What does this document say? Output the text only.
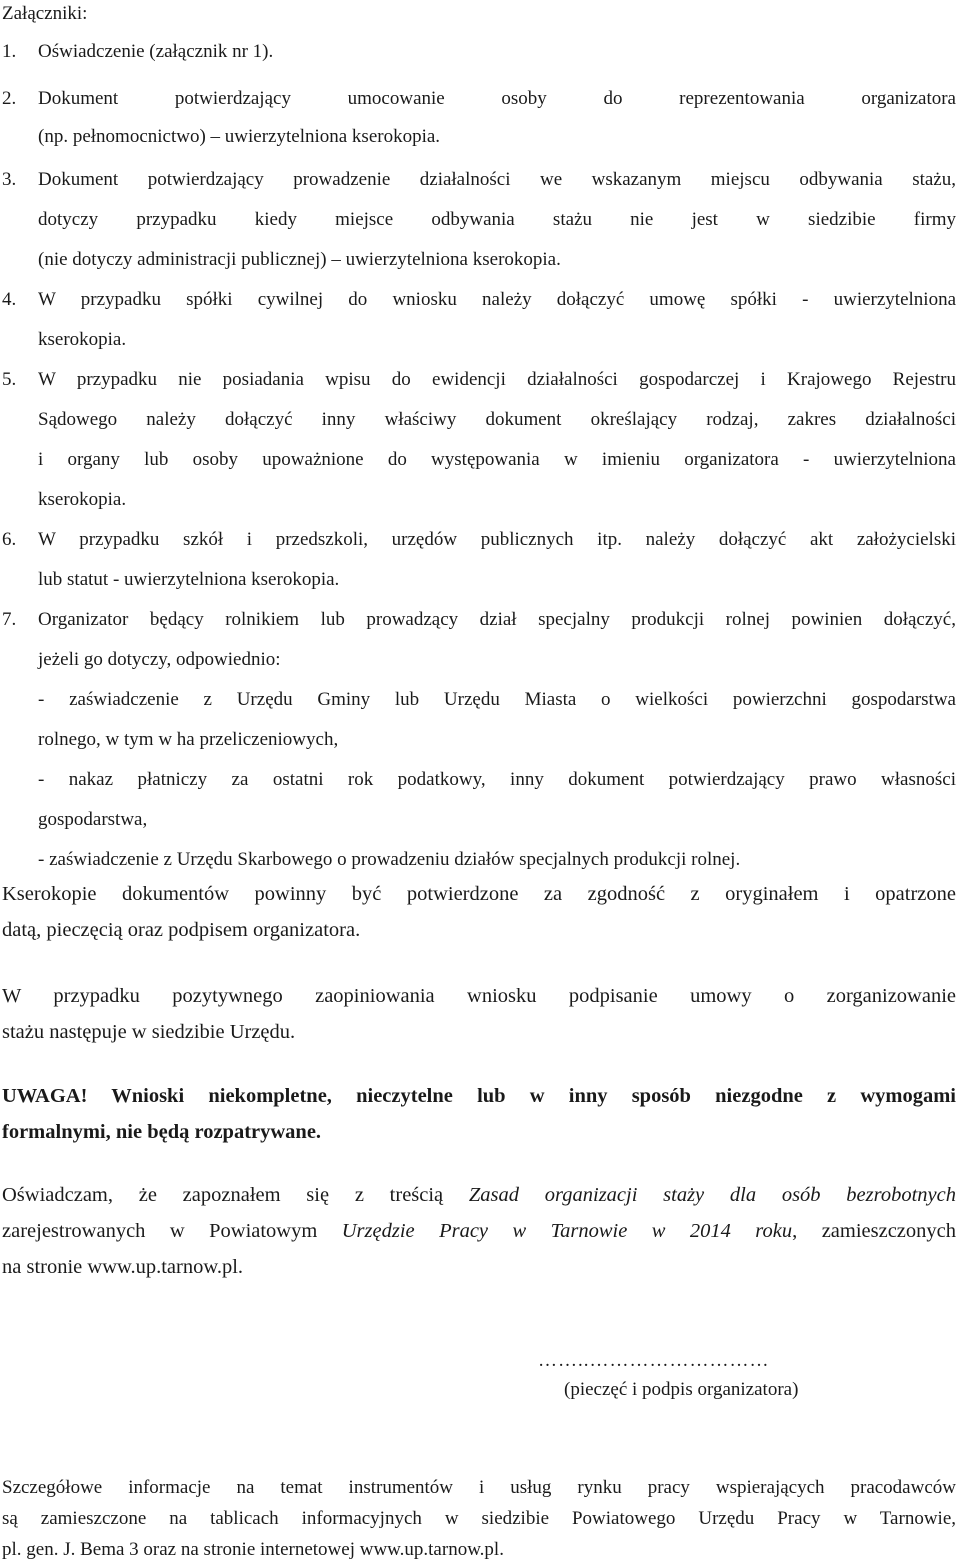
Załączniki:
1. Oświadczenie (załącznik nr 1).
2. Dokument potwierdzający umocowanie osoby do reprezentowania organizatora
(np. pełnomocnictwo) – uwierzytelniona kserokopia.
3. Dokument potwierdzający prowadzenie działalności we wskazanym miejscu odbywania stażu,
dotyczy przypadku kiedy miejsce odbywania stażu nie jest w siedzibie firmy
(nie dotyczy administracji publicznej) – uwierzytelniona kserokopia.
4. W przypadku spółki cywilnej do wniosku należy dołączyć umowę spółki - uwierzytelniona
kserokopia.
5. W przypadku nie posiadania wpisu do ewidencji działalności gospodarczej i Krajowego Rejestru
Sądowego należy dołączyć inny właściwy dokument określający rodzaj, zakres działalności
i organy lub osoby upoważnione do występowania w imieniu organizatora - uwierzytelniona
kserokopia.
6. W przypadku szkół i przedszkoli, urzędów publicznych itp. należy dołączyć akt założycielski
lub statut - uwierzytelniona kserokopia.
7. Organizator będący rolnikiem lub prowadzący dział specjalny produkcji rolnej powinien dołączyć,
jeżeli go dotyczy, odpowiednio:
- zaświadczenie z Urzędu Gminy lub Urzędu Miasta o wielkości powierzchni gospodarstwa
rolnego, w tym w ha przeliczeniowych,
- nakaz płatniczy za ostatni rok podatkowy, inny dokument potwierdzający prawo własności
gospodarstwa,
- zaświadczenie z Urzędu Skarbowego o prowadzeniu działów specjalnych produkcji rolnej.
Kserokopie dokumentów powinny być potwierdzone za zgodność z oryginałem i opatrzone
datą, pieczęcią oraz podpisem organizatora.
W przypadku pozytywnego zaopiniowania wniosku podpisanie umowy o zorganizowanie
stażu następuje w siedzibie Urzędu.
UWAGA! Wnioski niekompletne, nieczytelne lub w inny sposób niezgodne z wymogami
formalnymi, nie będą rozpatrywane.
Oświadczam, że zapoznałem się z treścią Zasad organizacji staży dla osób bezrobotnych
zarejestrowanych w Powiatowym Urzędzie Pracy w Tarnowie w 2014 roku, zamieszczonych
na stronie www.up.tarnow.pl.
……..………………………
(pieczęć i podpis organizatora)
Szczegółowe informacje na temat instrumentów i usług rynku pracy wspierających pracodawców
są zamieszczone na tablicach informacyjnych w siedzibie Powiatowego Urzędu Pracy w Tarnowie,
pl. gen. J. Bema 3 oraz na stronie internetowej www.up.tarnow.pl.
